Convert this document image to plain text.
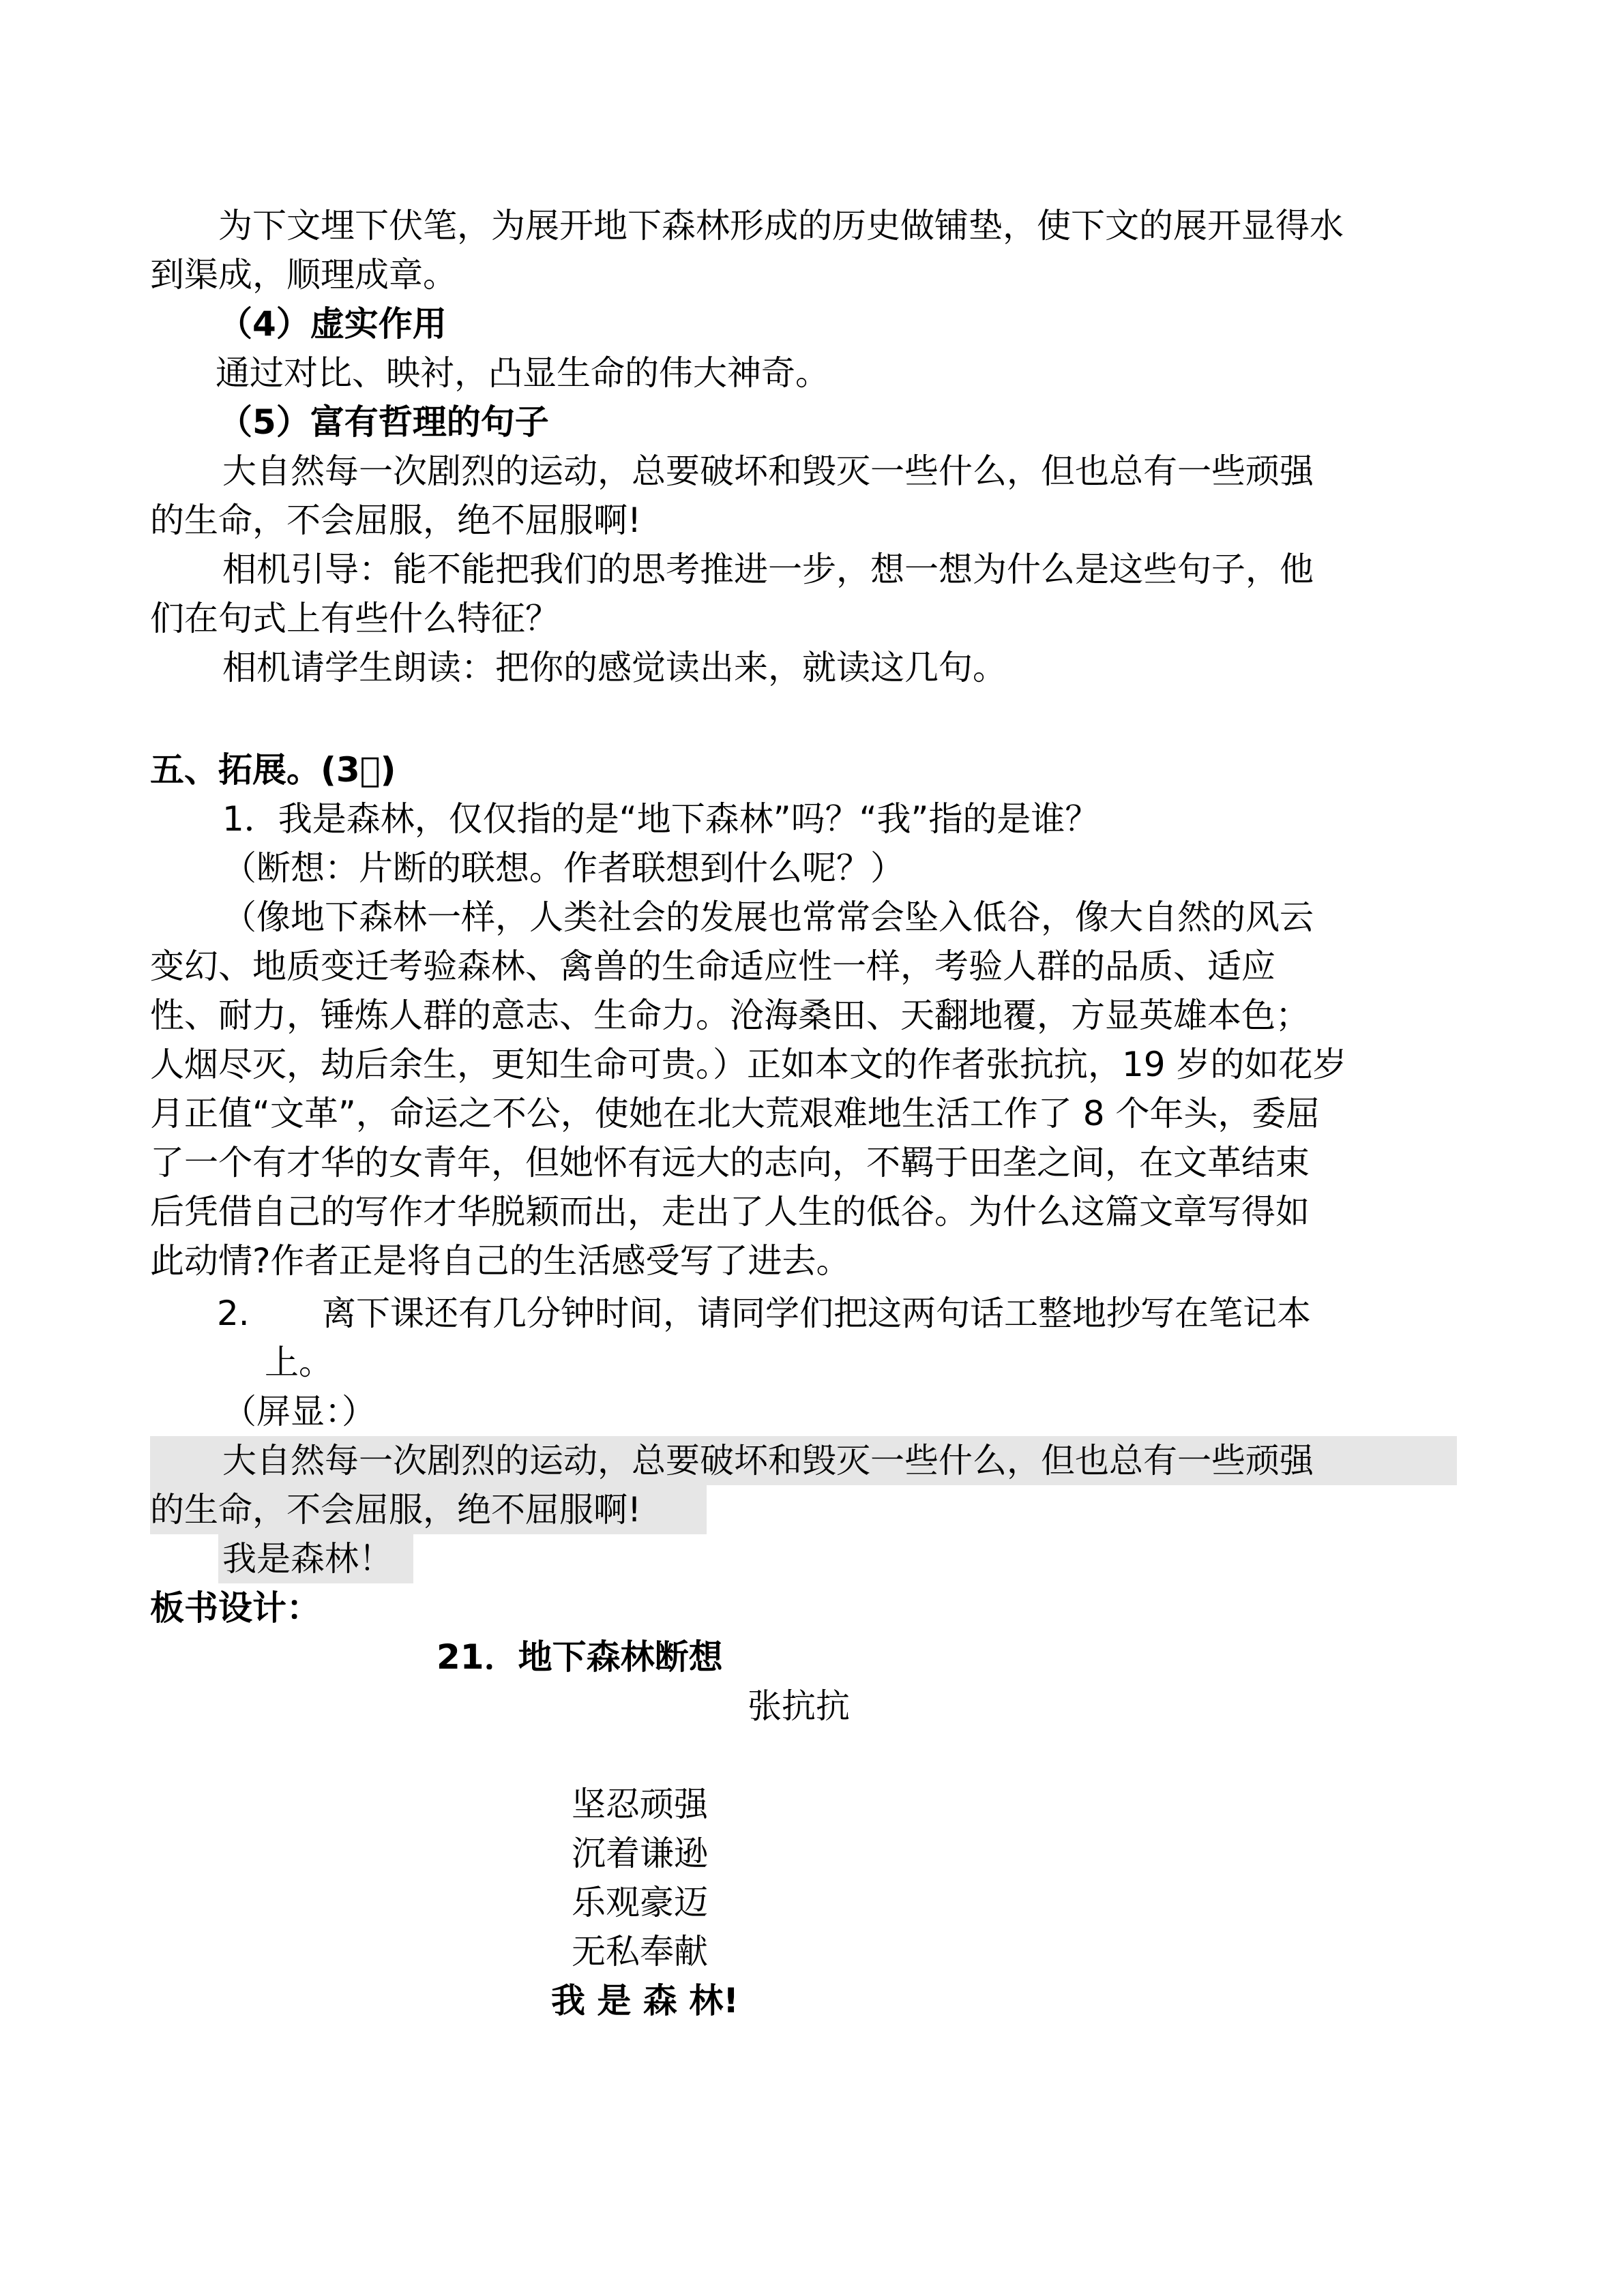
为下文埋下伏笔，为展开地下森林形成的历史做铺垫，使下文的展开显得水
到渠成，顺理成章。
（4）虚实作用
通过对比、映衬，凸显生命的伟大神奇。
（5）富有哲理的句子
大自然每一次剧烈的运动，总要破坏和毁灭一些什么，但也总有一些顽强
的生命，不会屈服，绝不屈服啊!
相机引导：能不能把我们的思考推进一步，想一想为什么是这些句子，他
们在句式上有些什么特征？
相机请学生朗读：把你的感觉读出来，就读这几句。
五、拓展。(3 )
1．我是森林，仅仅指的是“地下森林”吗？“我”指的是谁？
（断想：片断的联想。作者联想到什么呢？）
（像地下森林一样，人类社会的发展也常常会坠入低谷，像大自然的风云
变幻、地质变迁考验森林、禽兽的生命适应性一样，考验人群的品质、适应
性、耐力，锤炼人群的意志、生命力。沧海桑田、天翻地覆，方显英雄本色；
人烟尽灭，劫后余生，更知生命可贵。）正如本文的作者张抗抗，19 岁的如花岁
月正值“文革”，命运之不公，使她在北大荒艰难地生活工作了 8 个年头，委屈
了一个有才华的女青年，但她怀有远大的志向，不羁于田垄之间，在文革结束
后凭借自己的写作才华脱颖而出，走出了人生的低谷。为什么这篇文章写得如
此动情?作者正是将自己的生活感受写了进去。
2. 离下课还有几分钟时间，请同学们把这两句话工整地抄写在笔记本
上。
（屏显：）
大自然每一次剧烈的运动，总要破坏和毁灭一些什么，但也总有一些顽强
的生命，不会屈服，绝不屈服啊!
我是森林！
板书设计：
21．地下森林断想
张抗抗
坚忍顽强
沉着谦逊
乐观豪迈
无私奉献
我 是 森 林!
